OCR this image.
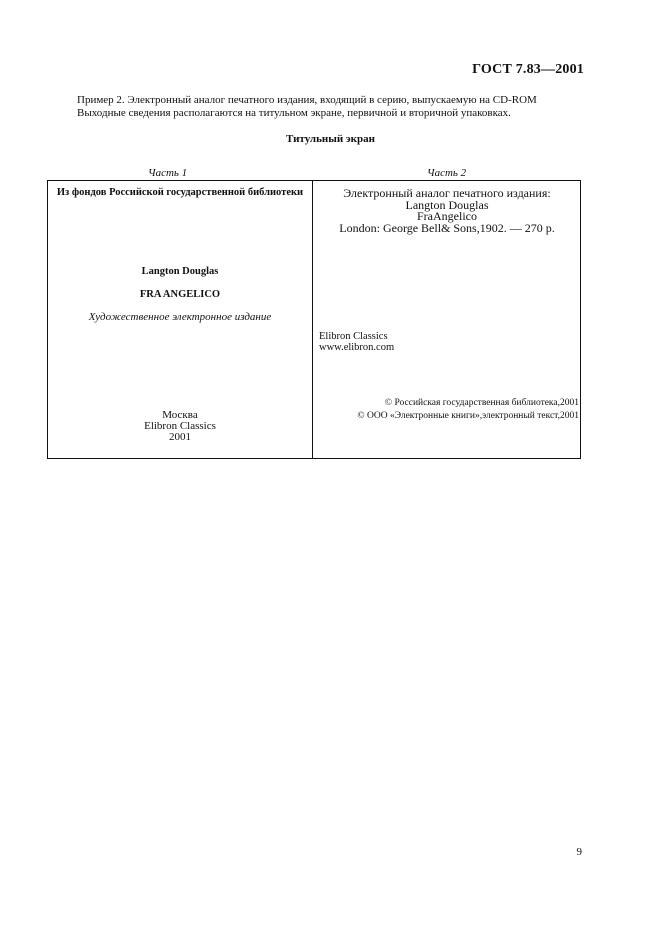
ГОСТ 7.83—2001
Пример 2. Электронный аналог печатного издания, входящий в серию, выпускаемую на CD-ROM
Выходные сведения располагаются на титульном экране, первичной и вторичной упаковках.
Титульный экран
Часть 1	Часть 2
Из фондов Российской государственной библиотеки
Langton Douglas
FRA ANGELICO
Художественное электронное издание
Москва
Elibron Classics
2001
Электронный аналог печатного издания:
Langton Douglas
FraAngelico
London: George Bell& Sons,1902. — 270 p.
Elibron Classics
www.elibron.com
© Российская государственная библиотека,2001
© ООО «Электронные книги»,электронный текст,2001
9
